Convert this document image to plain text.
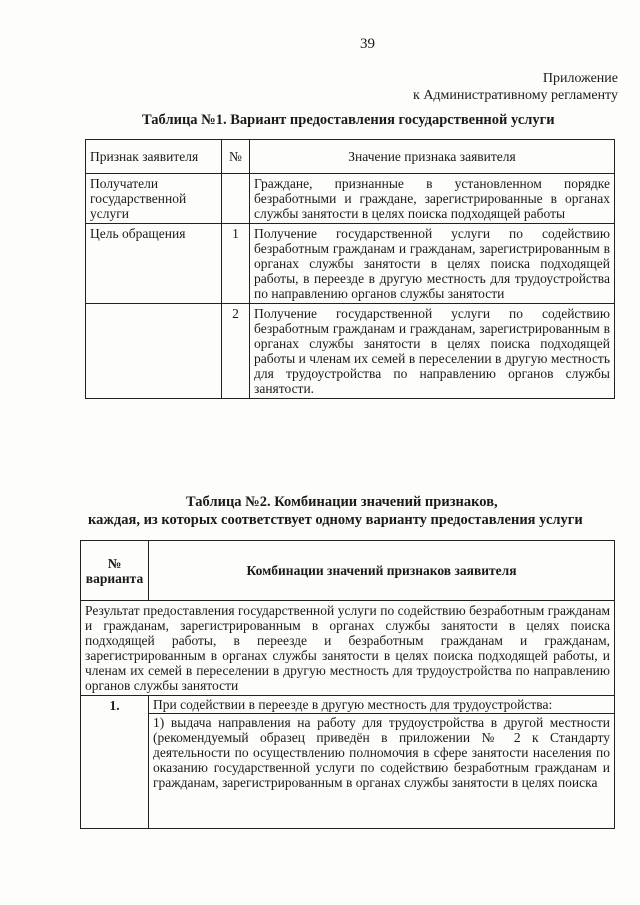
39
Приложение
к Административному регламенту
Таблица №1. Вариант предоставления государственной услуги
Признак заявителя	№	Значение признака заявителя
Получатели государственной услуги		Граждане, признанные в установленном порядке безработными и граждане, зарегистрированные в органах службы занятости в целях поиска подходящей работы
Цель обращения	1	Получение государственной услуги по содействию безработным гражданам и гражданам, зарегистрированным в органах службы занятости в целях поиска подходящей работы, в переезде в другую местность для трудоустройства по направлению органов службы занятости
	2	Получение государственной услуги по содействию безработным гражданам и гражданам, зарегистрированным в органах службы занятости в целях поиска подходящей работы и членам их семей в переселении в другую местность для трудоустройства по направлению органов службы занятости.
Таблица №2. Комбинации значений признаков,
каждая, из которых соответствует одному варианту предоставления услуги
№ варианта	Комбинации значений признаков заявителя
Результат предоставления государственной услуги по содействию безработным гражданам и гражданам, зарегистрированным в органах службы занятости в целях поиска подходящей работы, в переезде и безработным гражданам и гражданам, зарегистрированным в органах службы занятости в целях поиска подходящей работы, и членам их семей в переселении в другую местность для трудоустройства по направлению органов службы занятости	
1.	При содействии в переезде в другую местность для трудоустройства:
1) выдача направления на работу для трудоустройства в другой местности (рекомендуемый образец приведён в приложении № 2 к Стандарту деятельности по осуществлению полномочия в сфере занятости населения по оказанию государственной услуги по содействию безработным гражданам и гражданам, зарегистрированным в органах службы занятости в целях поиска
